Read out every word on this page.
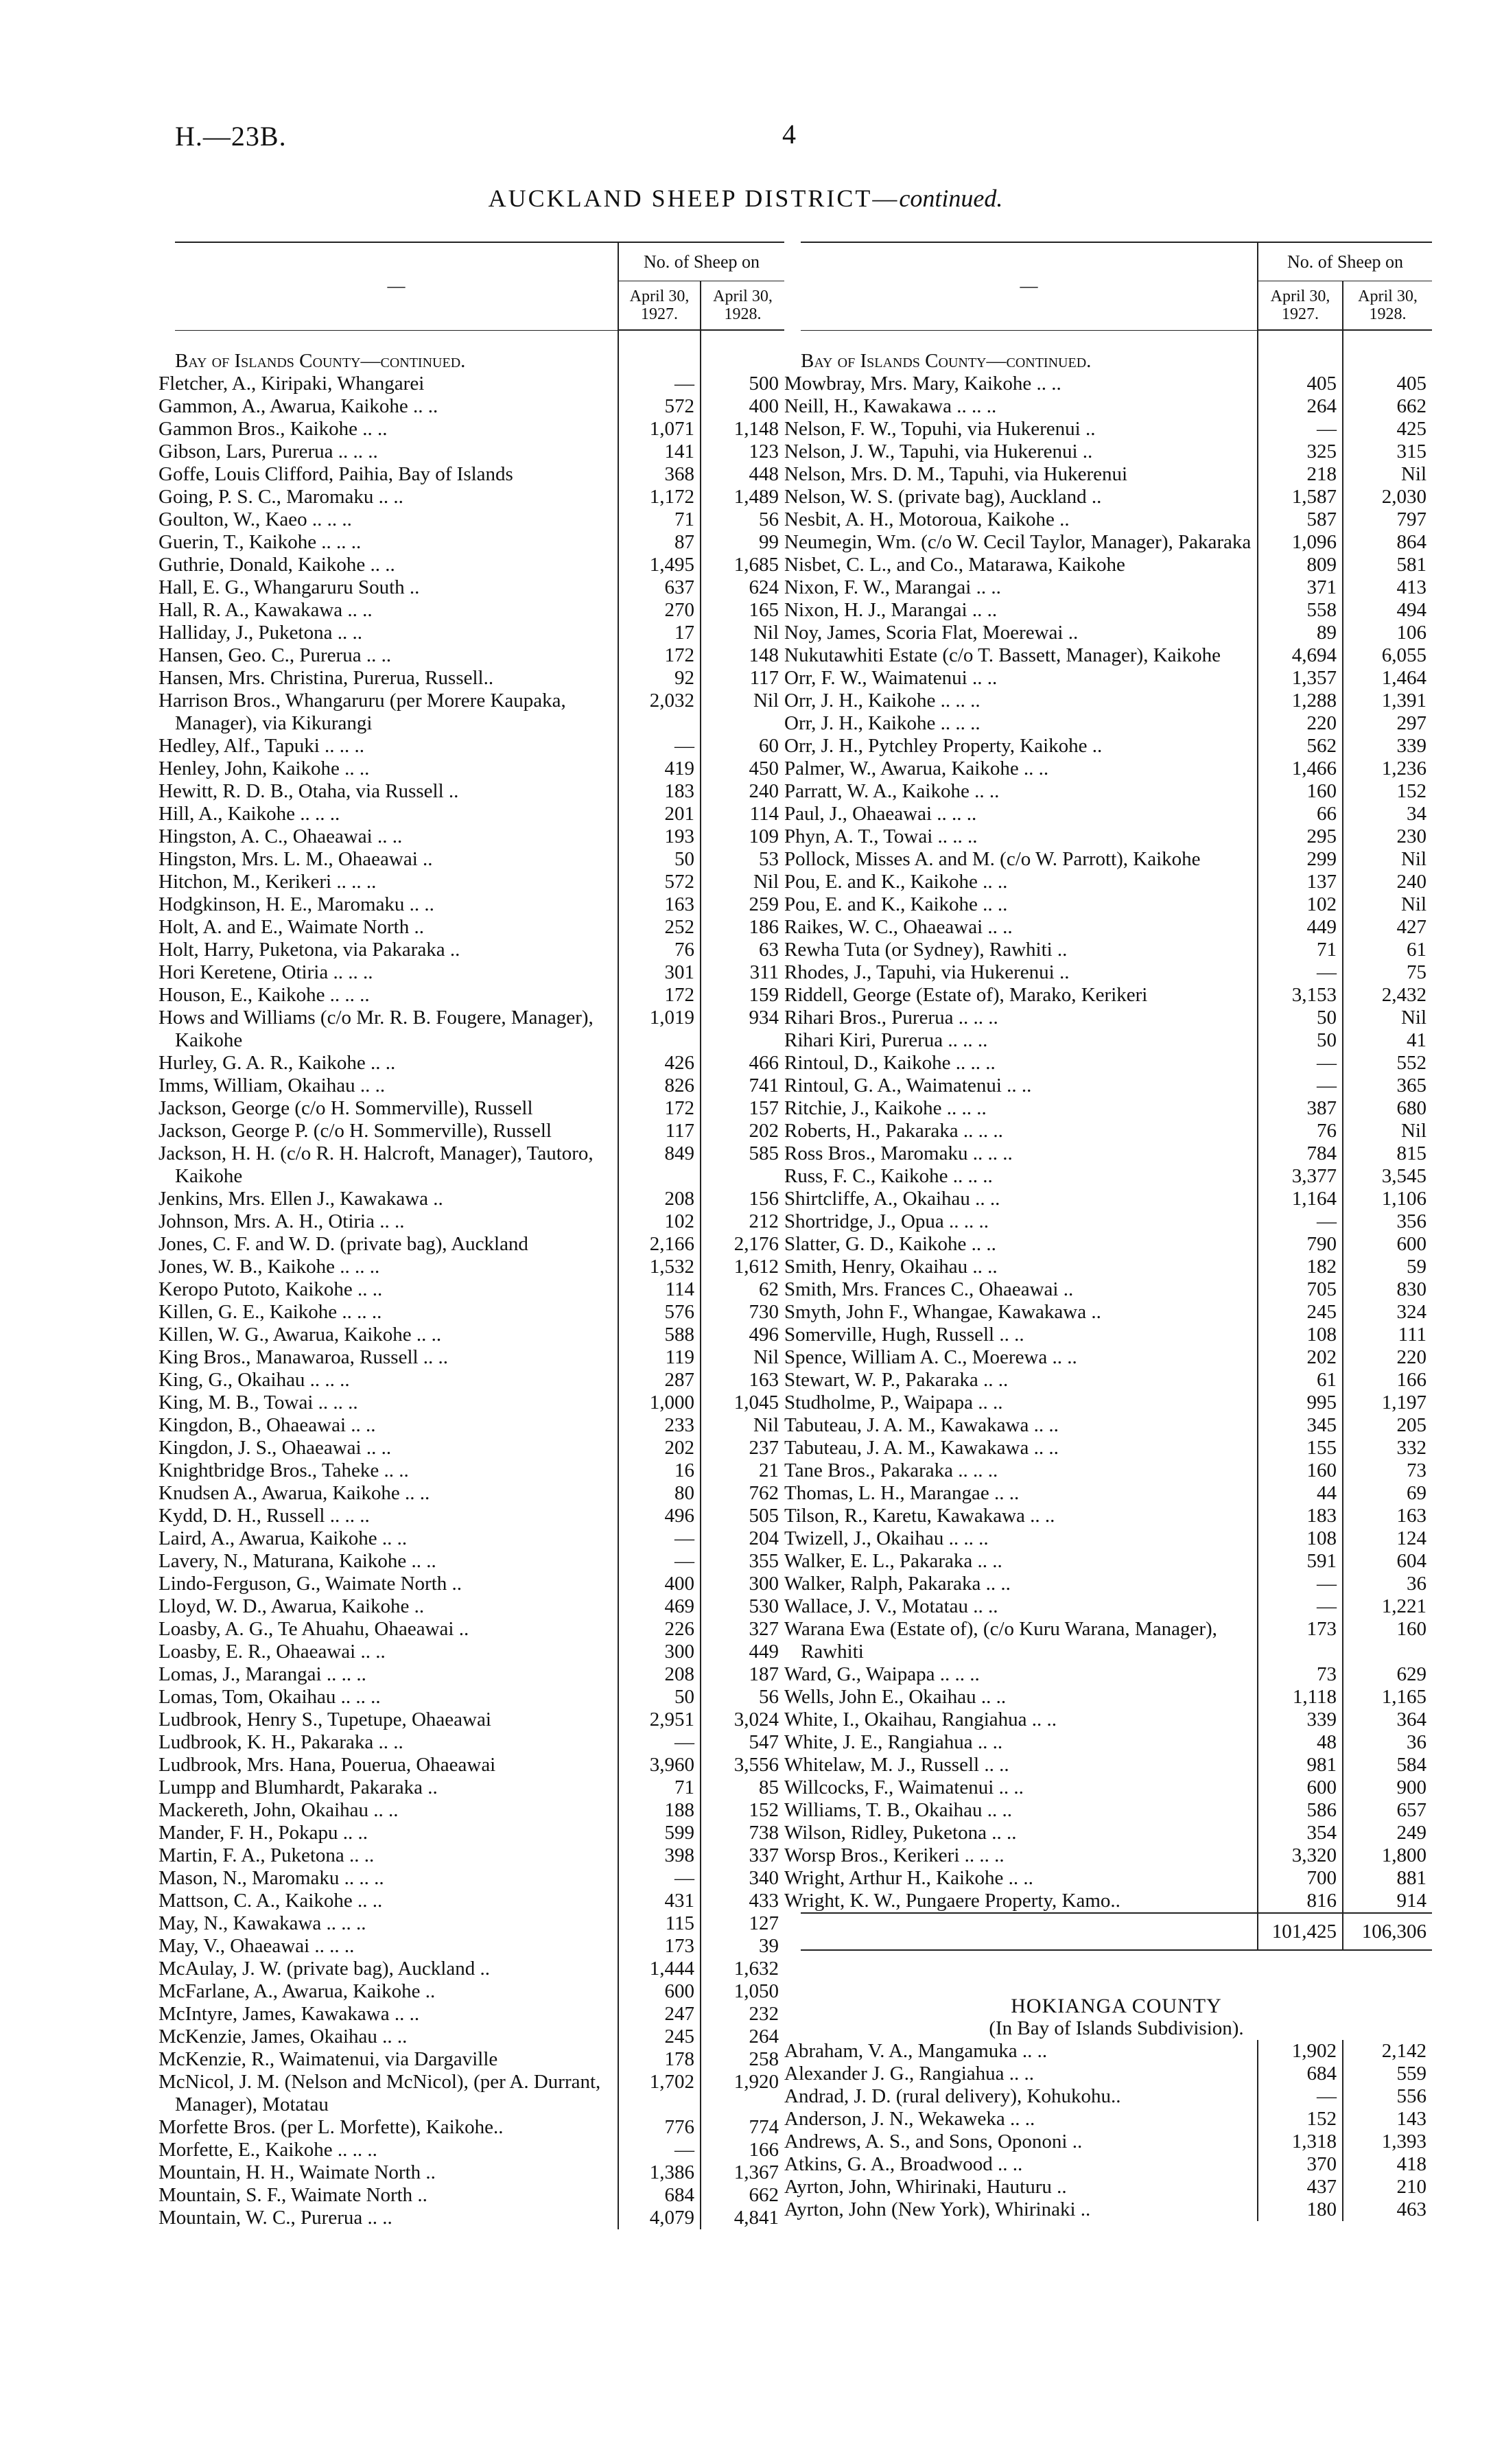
H.—23B.	4
AUCKLAND SHEEP DISTRICT—continued.
—	No. of Sheep on	
	April 30, 1927.	April 30, 1928.
Bay of Islands County—continued.		
Fletcher, A., Kiripaki, Whangarei	—	500
Gammon, A., Awarua, Kaikohe .. ..	572	400
Gammon Bros., Kaikohe .. ..	1,071	1,148
Gibson, Lars, Purerua .. .. ..	141	123
Goffe, Louis Clifford, Paihia, Bay of Islands	368	448
Going, P. S. C., Maromaku .. ..	1,172	1,489
Goulton, W., Kaeo .. .. ..	71	56
Guerin, T., Kaikohe .. .. ..	87	99
Guthrie, Donald, Kaikohe .. ..	1,495	1,685
Hall, E. G., Whangaruru South ..	637	624
Hall, R. A., Kawakawa .. ..	270	165
Halliday, J., Puketona .. ..	17	Nil
Hansen, Geo. C., Purerua .. ..	172	148
Hansen, Mrs. Christina, Purerua, Russell..	92	117
Harrison Bros., Whangaruru (per Morere Kaupaka, Manager), via Kikurangi	2,032	Nil
Hedley, Alf., Tapuki .. .. ..	—	60
Henley, John, Kaikohe .. ..	419	450
Hewitt, R. D. B., Otaha, via Russell ..	183	240
Hill, A., Kaikohe .. .. ..	201	114
Hingston, A. C., Ohaeawai .. ..	193	109
Hingston, Mrs. L. M., Ohaeawai ..	50	53
Hitchon, M., Kerikeri .. .. ..	572	Nil
Hodgkinson, H. E., Maromaku .. ..	163	259
Holt, A. and E., Waimate North ..	252	186
Holt, Harry, Puketona, via Pakaraka ..	76	63
Hori Keretene, Otiria .. .. ..	301	311
Houson, E., Kaikohe .. .. ..	172	159
Hows and Williams (c/o Mr. R. B. Fougere, Manager), Kaikohe	1,019	934
Hurley, G. A. R., Kaikohe .. ..	426	466
Imms, William, Okaihau .. ..	826	741
Jackson, George (c/o H. Sommerville), Russell	172	157
Jackson, George P. (c/o H. Sommerville), Russell	117	202
Jackson, H. H. (c/o R. H. Halcroft, Manager), Tautoro, Kaikohe	849	585
Jenkins, Mrs. Ellen J., Kawakawa ..	208	156
Johnson, Mrs. A. H., Otiria .. ..	102	212
Jones, C. F. and W. D. (private bag), Auckland	2,166	2,176
Jones, W. B., Kaikohe .. .. ..	1,532	1,612
Keropo Putoto, Kaikohe .. ..	114	62
Killen, G. E., Kaikohe .. .. ..	576	730
Killen, W. G., Awarua, Kaikohe .. ..	588	496
King Bros., Manawaroa, Russell .. ..	119	Nil
King, G., Okaihau .. .. ..	287	163
King, M. B., Towai .. .. ..	1,000	1,045
Kingdon, B., Ohaeawai .. ..	233	Nil
Kingdon, J. S., Ohaeawai .. ..	202	237
Knightbridge Bros., Taheke .. ..	16	21
Knudsen A., Awarua, Kaikohe .. ..	80	762
Kydd, D. H., Russell .. .. ..	496	505
Laird, A., Awarua, Kaikohe .. ..	—	204
Lavery, N., Maturana, Kaikohe .. ..	—	355
Lindo-Ferguson, G., Waimate North ..	400	300
Lloyd, W. D., Awarua, Kaikohe ..	469	530
Loasby, A. G., Te Ahuahu, Ohaeawai ..	226	327
Loasby, E. R., Ohaeawai .. ..	300	449
Lomas, J., Marangai .. .. ..	208	187
Lomas, Tom, Okaihau .. .. ..	50	56
Ludbrook, Henry S., Tupetupe, Ohaeawai	2,951	3,024
Ludbrook, K. H., Pakaraka .. ..	—	547
Ludbrook, Mrs. Hana, Pouerua, Ohaeawai	3,960	3,556
Lumpp and Blumhardt, Pakaraka ..	71	85
Mackereth, John, Okaihau .. ..	188	152
Mander, F. H., Pokapu .. ..	599	738
Martin, F. A., Puketona .. ..	398	337
Mason, N., Maromaku .. .. ..	—	340
Mattson, C. A., Kaikohe .. ..	431	433
May, N., Kawakawa .. .. ..	115	127
May, V., Ohaeawai .. .. ..	173	39
McAulay, J. W. (private bag), Auckland ..	1,444	1,632
McFarlane, A., Awarua, Kaikohe ..	600	1,050
McIntyre, James, Kawakawa .. ..	247	232
McKenzie, James, Okaihau .. ..	245	264
McKenzie, R., Waimatenui, via Dargaville	178	258
McNicol, J. M. (Nelson and McNicol), (per A. Durrant, Manager), Motatau	1,702	1,920
Morfette Bros. (per L. Morfette), Kaikohe..	776	774
Morfette, E., Kaikohe .. .. ..	—	166
Mountain, H. H., Waimate North ..	1,386	1,367
Mountain, S. F., Waimate North ..	684	662
Mountain, W. C., Purerua .. ..	4,079	4,841
—	No. of Sheep on	
	April 30, 1927.	April 30, 1928.
Bay of Islands County—continued.		
Mowbray, Mrs. Mary, Kaikohe .. ..	405	405
Neill, H., Kawakawa .. .. ..	264	662
Nelson, F. W., Topuhi, via Hukerenui ..	—	425
Nelson, J. W., Tapuhi, via Hukerenui ..	325	315
Nelson, Mrs. D. M., Tapuhi, via Hukerenui	218	Nil
Nelson, W. S. (private bag), Auckland ..	1,587	2,030
Nesbit, A. H., Motoroua, Kaikohe ..	587	797
Neumegin, Wm. (c/o W. Cecil Taylor, Manager), Pakaraka	1,096	864
Nisbet, C. L., and Co., Matarawa, Kaikohe	809	581
Nixon, F. W., Marangai .. ..	371	413
Nixon, H. J., Marangai .. ..	558	494
Noy, James, Scoria Flat, Moerewai ..	89	106
Nukutawhiti Estate (c/o T. Bassett, Manager), Kaikohe	4,694	6,055
Orr, F. W., Waimatenui .. ..	1,357	1,464
Orr, J. H., Kaikohe .. .. ..	1,288	1,391
Orr, J. H., Kaikohe .. .. ..	220	297
Orr, J. H., Pytchley Property, Kaikohe ..	562	339
Palmer, W., Awarua, Kaikohe .. ..	1,466	1,236
Parratt, W. A., Kaikohe .. ..	160	152
Paul, J., Ohaeawai .. .. ..	66	34
Phyn, A. T., Towai .. .. ..	295	230
Pollock, Misses A. and M. (c/o W. Parrott), Kaikohe	299	Nil
Pou, E. and K., Kaikohe .. ..	137	240
Pou, E. and K., Kaikohe .. ..	102	Nil
Raikes, W. C., Ohaeawai .. ..	449	427
Rewha Tuta (or Sydney), Rawhiti ..	71	61
Rhodes, J., Tapuhi, via Hukerenui ..	—	75
Riddell, George (Estate of), Marako, Kerikeri	3,153	2,432
Rihari Bros., Purerua .. .. ..	50	Nil
Rihari Kiri, Purerua .. .. ..	50	41
Rintoul, D., Kaikohe .. .. ..	—	552
Rintoul, G. A., Waimatenui .. ..	—	365
Ritchie, J., Kaikohe .. .. ..	387	680
Roberts, H., Pakaraka .. .. ..	76	Nil
Ross Bros., Maromaku .. .. ..	784	815
Russ, F. C., Kaikohe .. .. ..	3,377	3,545
Shirtcliffe, A., Okaihau .. ..	1,164	1,106
Shortridge, J., Opua .. .. ..	—	356
Slatter, G. D., Kaikohe .. ..	790	600
Smith, Henry, Okaihau .. ..	182	59
Smith, Mrs. Frances C., Ohaeawai ..	705	830
Smyth, John F., Whangae, Kawakawa ..	245	324
Somerville, Hugh, Russell .. ..	108	111
Spence, William A. C., Moerewa .. ..	202	220
Stewart, W. P., Pakaraka .. ..	61	166
Studholme, P., Waipapa .. ..	995	1,197
Tabuteau, J. A. M., Kawakawa .. ..	345	205
Tabuteau, J. A. M., Kawakawa .. ..	155	332
Tane Bros., Pakaraka .. .. ..	160	73
Thomas, L. H., Marangae .. ..	44	69
Tilson, R., Karetu, Kawakawa .. ..	183	163
Twizell, J., Okaihau .. .. ..	108	124
Walker, E. L., Pakaraka .. ..	591	604
Walker, Ralph, Pakaraka .. ..	—	36
Wallace, J. V., Motatau .. ..	—	1,221
Warana Ewa (Estate of), (c/o Kuru Warana, Manager), Rawhiti	173	160
Ward, G., Waipapa .. .. ..	73	629
Wells, John E., Okaihau .. ..	1,118	1,165
White, I., Okaihau, Rangiahua .. ..	339	364
White, J. E., Rangiahua .. ..	48	36
Whitelaw, M. J., Russell .. ..	981	584
Willcocks, F., Waimatenui .. ..	600	900
Williams, T. B., Okaihau .. ..	586	657
Wilson, Ridley, Puketona .. ..	354	249
Worsp Bros., Kerikeri .. .. ..	3,320	1,800
Wright, Arthur H., Kaikohe .. ..	700	881
Wright, K. W., Pungaere Property, Kamo..	816	914
	101,425	106,306
HOKIANGA COUNTY		
(In Bay of Islands Subdivision).		
Abraham, V. A., Mangamuka .. ..	1,902	2,142
Alexander J. G., Rangiahua .. ..	684	559
Andrad, J. D. (rural delivery), Kohukohu..	—	556
Anderson, J. N., Wekaweka .. ..	152	143
Andrews, A. S., and Sons, Opononi ..	1,318	1,393
Atkins, G. A., Broadwood .. ..	370	418
Ayrton, John, Whirinaki, Hauturu ..	437	210
Ayrton, John (New York), Whirinaki ..	180	463
